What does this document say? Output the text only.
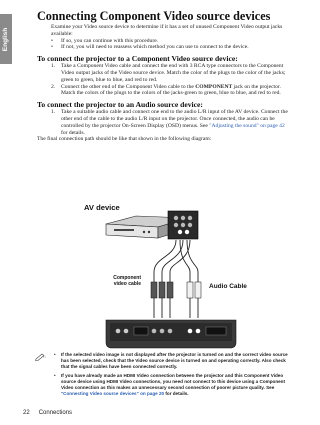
English
Connecting Component Video source devices

Examine your Video source device to determine if it has a set of unused Component Video output jacks available:

• If so, you can continue with this procedure.
• If not, you will need to reassess which method you can use to connect to the device.
To connect the projector to a Component Video source device:
1. Take a Component Video cable and connect the end with 3 RCA type connectors to the Component Video output jacks of the Video source device. Match the color of the plugs to the color of the jacks; green to green, blue to blue, and red to red.
2. Connect the other end of the Component Video cable to the COMPONENT jack on the projector. Match the colors of the plugs to the colors of the jacks-green to green, blue to blue, and red to red.
To connect the projector to an Audio source device:
1. Take a suitable audio cable and connect one end to the audio L/R input of the AV device. Connect the other end of the cable to the audio L/R input on the projector. Once connected, the audio can be controlled by the projector On-Screen Display (OSD) menus. See "Adjusting the sound" on page 42 for details.

The final connection path should be like that shown in the following diagram:

AV device
Component
video cable	Audio Cable
• If the selected video image is not displayed after the projector is turned on and the correct video source has been selected, check that the Video source device is turned on and operating correctly. Also check that the signal cables have been connected correctly.
• If you have already made an HDMI Video connection between the projector and this Component Video source device using HDMI Video connections, you need not connect to this device using a Component Video connection as this makes an unnecessary second connection of poorer picture quality. See "Connecting Video source devices" on page 20 for details.
22 Connections
